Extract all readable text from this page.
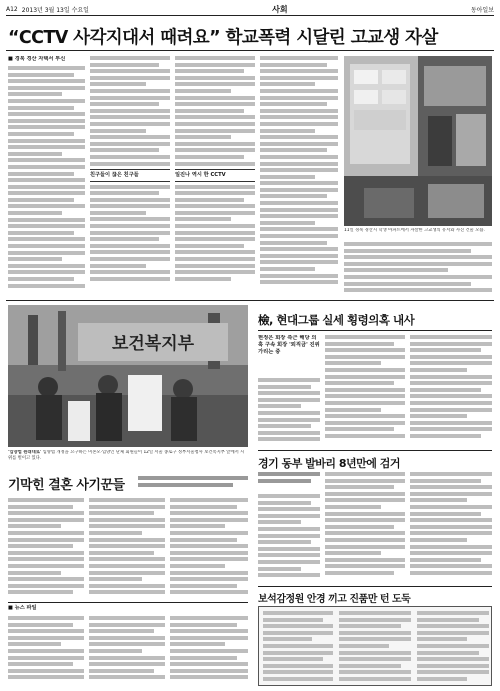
A12 2013년 3월 13일 수요일	사회	동아일보
“CCTV 사각지대서 때려요” 학교폭력 시달린 고교생 자살
■ 경북 경산 자택서 투신
친구들이 끊은 친구들	일진나 역시 한 CCTV
11일 경북 경산시 학생 아파트에서 자살한 고교생의 유서와 사진 건물 모습.
보건복지부
'입양법 원래대로' 입양법 개정을 요구하는 미혼모·입양인 단체 회원들이 12일 서울 종로구 정부서울청사 보건복지부 앞에서 시위를 벌이고 있다.
檢, 현대그룹 실세 횡령의혹 내사
현정은 회장 측근 해당 의혹 구속 회장 '퇴직금' 진위 가리는 중
기막힌 결혼 사기꾼들
경기 동부 발바리 8년만에 검거
■ 뉴스 파일
보석감정원 안경 끼고 진품만 턴 도둑
